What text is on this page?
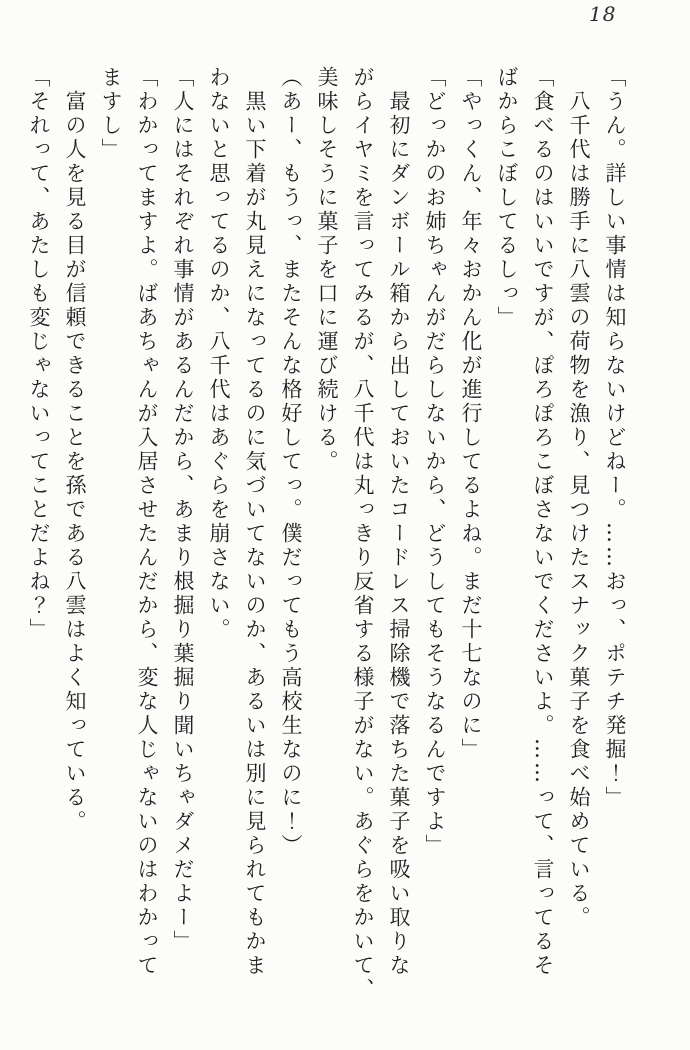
18

「うん。詳しい事情は知らないけどねー。……おっ、ポテチ発掘！」

　八千代は勝手に八雲の荷物を漁り、見つけたスナック菓子を食べ始めている。

「食べるのはいいですが、ぽろぽろこぼさないでくださいよ。……って、言ってるそ

ばからこぼしてるしっ」

「やっくん、年々おかん化が進行してるよね。まだ十七なのに」

「どっかのお姉ちゃんがだらしないから、どうしてもそうなるんですよ」

　最初にダンボール箱から出しておいたコードレス掃除機で落ちた菓子を吸い取りな

がらイヤミを言ってみるが、八千代は丸っきり反省する様子がない。あぐらをかいて、

美味しそうに菓子を口に運び続ける。

（あー、もうっ、またそんな格好してっ。僕だってもう高校生なのに！）

　黒い下着が丸見えになってるのに気づいてないのか、あるいは別に見られてもかま

わないと思ってるのか、八千代はあぐらを崩さない。

「人にはそれぞれ事情があるんだから、あまり根掘り葉掘り聞いちゃダメだよー」

「わかってますよ。ばあちゃんが入居させたんだから、変な人じゃないのはわかって

ますし」

　富の人を見る目が信頼できることを孫である八雲はよく知っている。

「それって、あたしも変じゃないってことだよね？」
